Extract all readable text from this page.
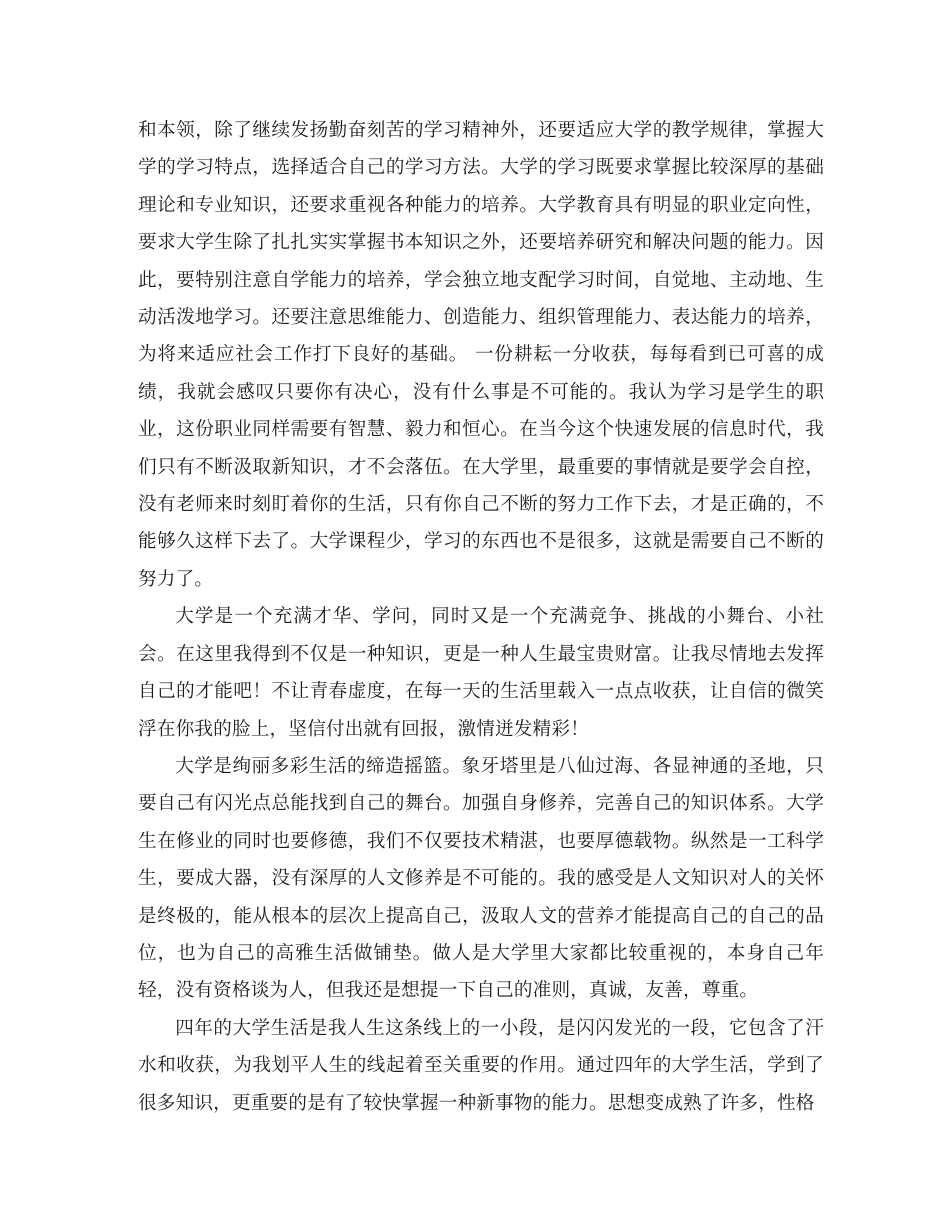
和本领，除了继续发扬勤奋刻苦的学习精神外，还要适应大学的教学规律，掌握大学的学习特点，选择适合自己的学习方法。大学的学习既要求掌握比较深厚的基础理论和专业知识，还要求重视各种能力的培养。大学教育具有明显的职业定向性，要求大学生除了扎扎实实掌握书本知识之外，还要培养研究和解决问题的能力。因此，要特别注意自学能力的培养，学会独立地支配学习时间，自觉地、主动地、生动活泼地学习。还要注意思维能力、创造能力、组织管理能力、表达能力的培养，为将来适应社会工作打下良好的基础。 一份耕耘一分收获，每每看到已可喜的成绩，我就会感叹只要你有决心，没有什么事是不可能的。我认为学习是学生的职业，这份职业同样需要有智慧、毅力和恒心。在当今这个快速发展的信息时代，我们只有不断汲取新知识，才不会落伍。在大学里，最重要的事情就是要学会自控，没有老师来时刻盯着你的生活，只有你自己不断的努力工作下去，才是正确的，不能够久这样下去了。大学课程少，学习的东西也不是很多，这就是需要自己不断的努力了。

大学是一个充满才华、学问，同时又是一个充满竞争、挑战的小舞台、小社会。在这里我得到不仅是一种知识，更是一种人生最宝贵财富。让我尽情地去发挥自己的才能吧！不让青春虚度，在每一天的生活里载入一点点收获，让自信的微笑浮在你我的脸上，坚信付出就有回报，激情迸发精彩！

大学是绚丽多彩生活的缔造摇篮。象牙塔里是八仙过海、各显神通的圣地，只要自己有闪光点总能找到自己的舞台。加强自身修养，完善自己的知识体系。大学生在修业的同时也要修德，我们不仅要技术精湛，也要厚德载物。纵然是一工科学生，要成大器，没有深厚的人文修养是不可能的。我的感受是人文知识对人的关怀是终极的，能从根本的层次上提高自己，汲取人文的营养才能提高自己的自己的品位，也为自己的高雅生活做铺垫。做人是大学里大家都比较重视的，本身自己年轻，没有资格谈为人，但我还是想提一下自己的准则，真诚，友善，尊重。

四年的大学生活是我人生这条线上的一小段，是闪闪发光的一段，它包含了汗水和收获，为我划平人生的线起着至关重要的作用。通过四年的大学生活，学到了很多知识，更重要的是有了较快掌握一种新事物的能力。思想变成熟了许多，性格
